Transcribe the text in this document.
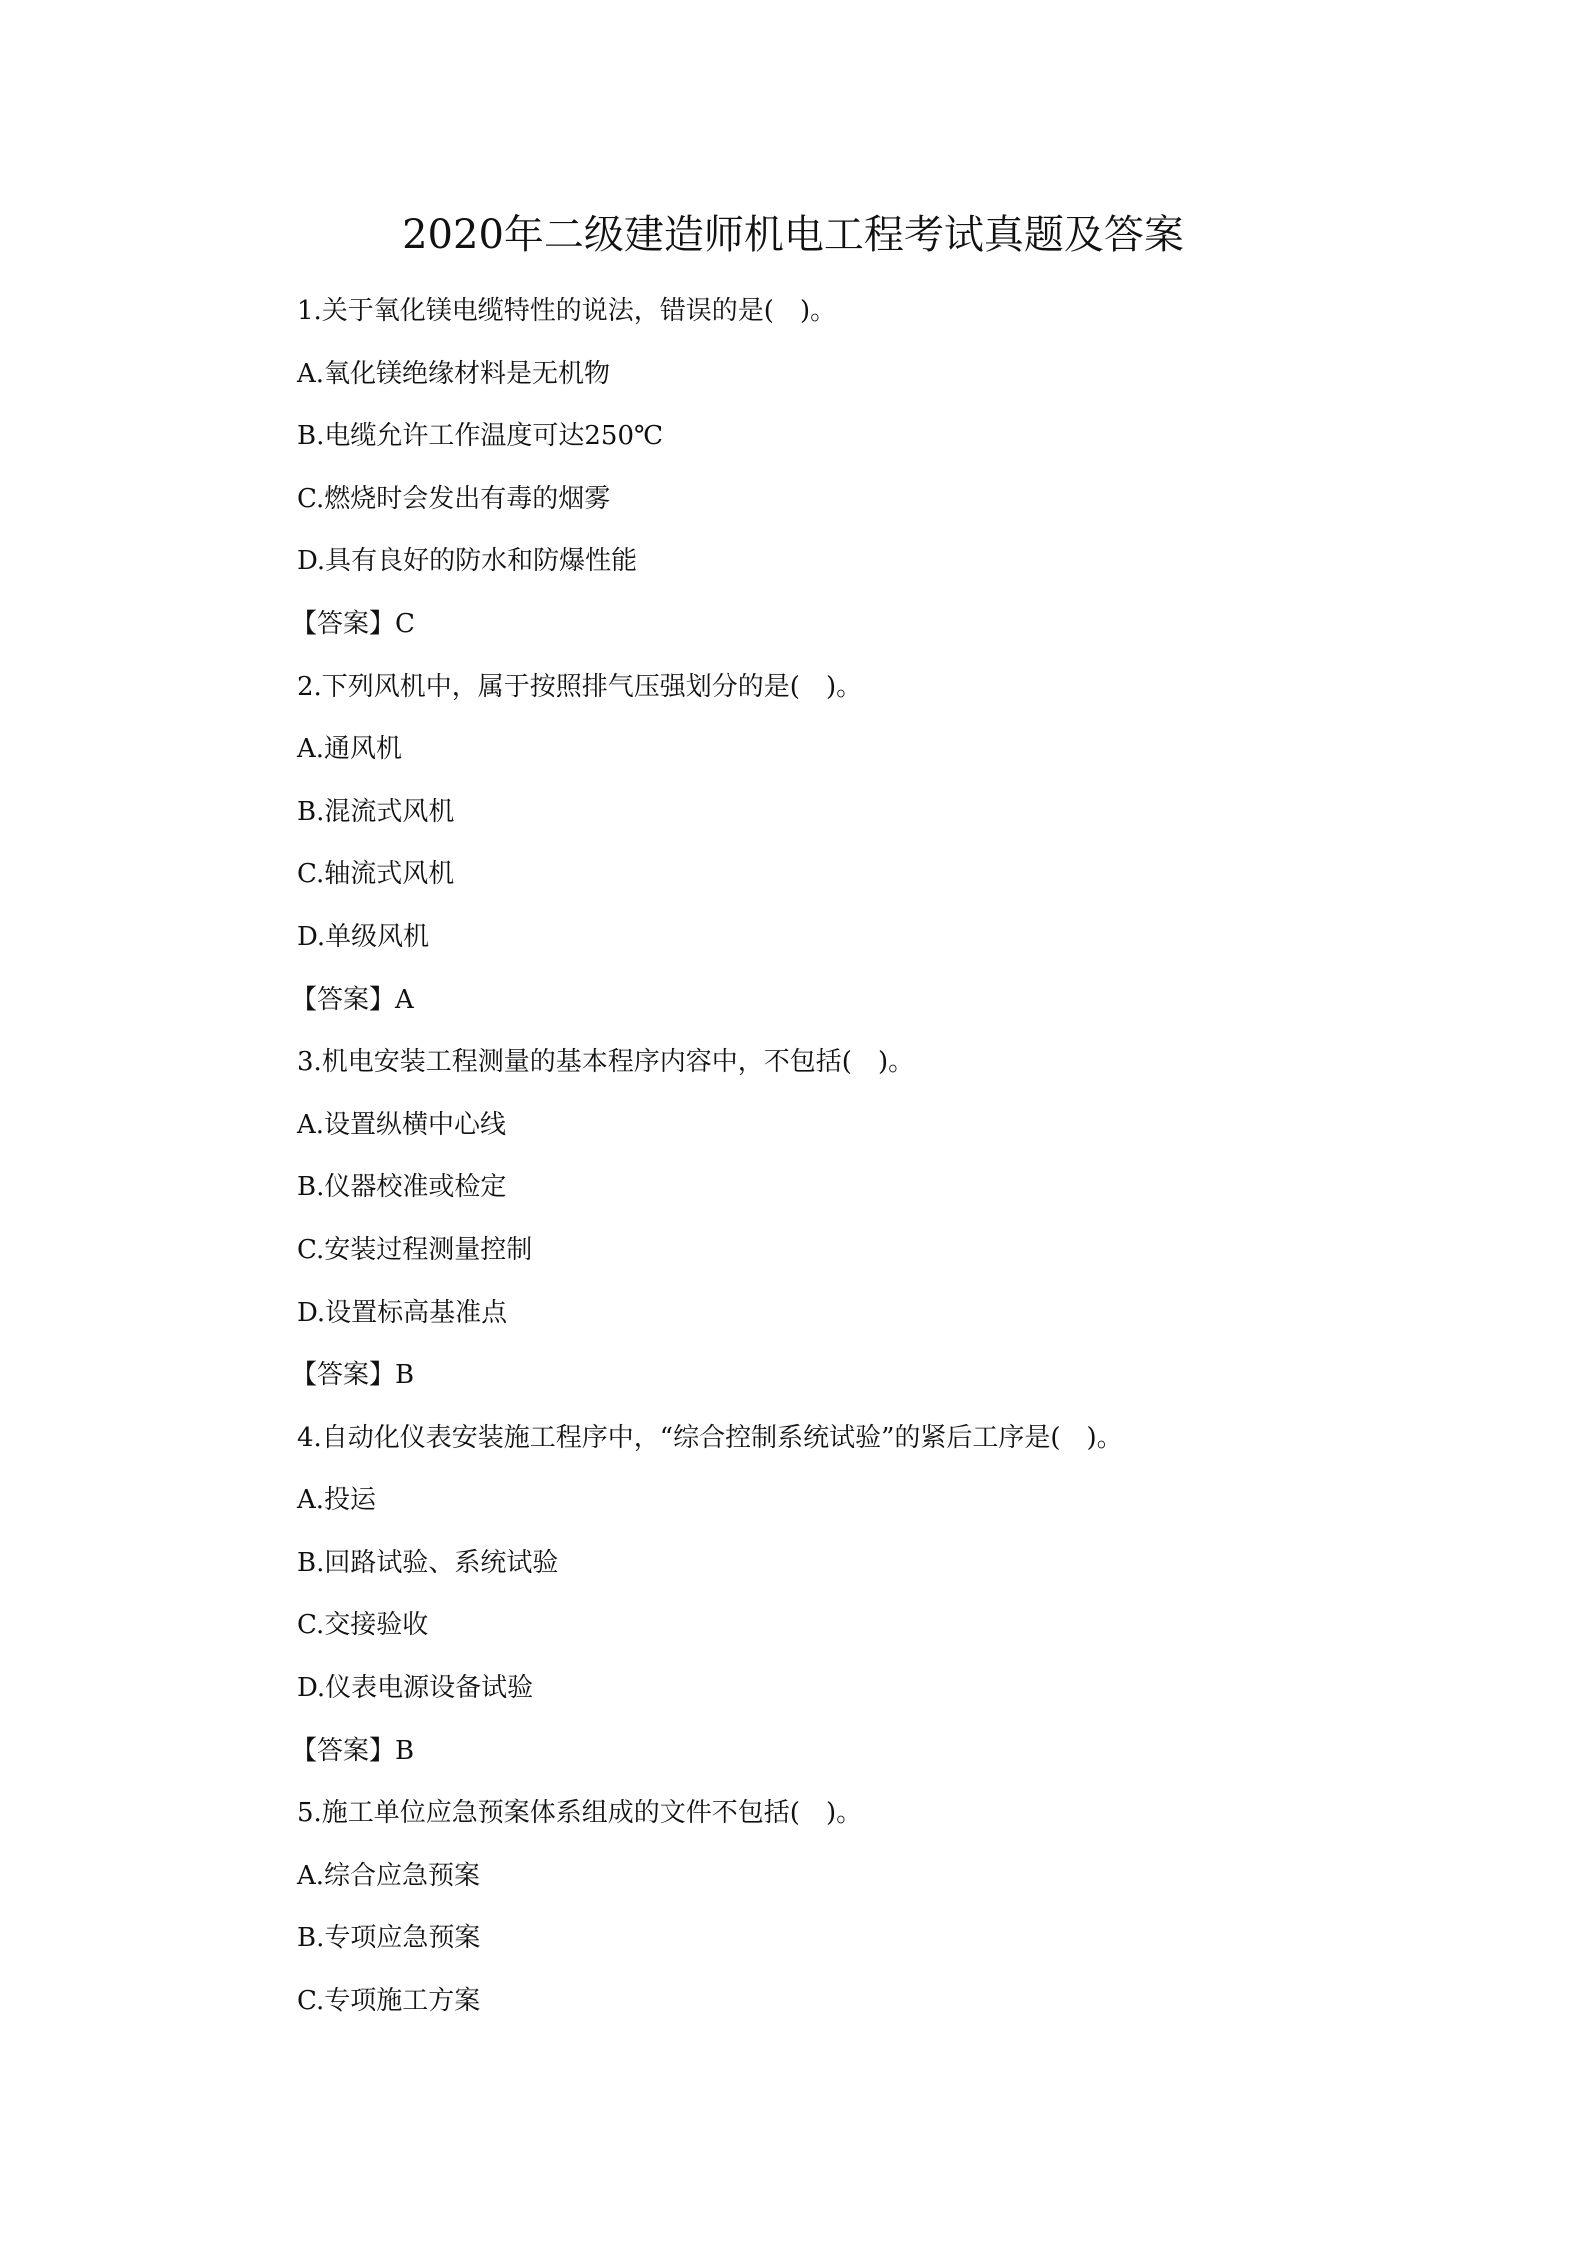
2020年二级建造师机电工程考试真题及答案
1.关于氧化镁电缆特性的说法，错误的是(　)。
A.氧化镁绝缘材料是无机物
B.电缆允许工作温度可达250℃
C.燃烧时会发出有毒的烟雾
D.具有良好的防水和防爆性能
【答案】C
2.下列风机中，属于按照排气压强划分的是(　)。
A.通风机
B.混流式风机
C.轴流式风机
D.单级风机
【答案】A
3.机电安装工程测量的基本程序内容中，不包括(　)。
A.设置纵横中心线
B.仪器校准或检定
C.安装过程测量控制
D.设置标高基准点
【答案】B
4.自动化仪表安装施工程序中，“综合控制系统试验”的紧后工序是(　)。
A.投运
B.回路试验、系统试验
C.交接验收
D.仪表电源设备试验
【答案】B
5.施工单位应急预案体系组成的文件不包括(　)。
A.综合应急预案
B.专项应急预案
C.专项施工方案
